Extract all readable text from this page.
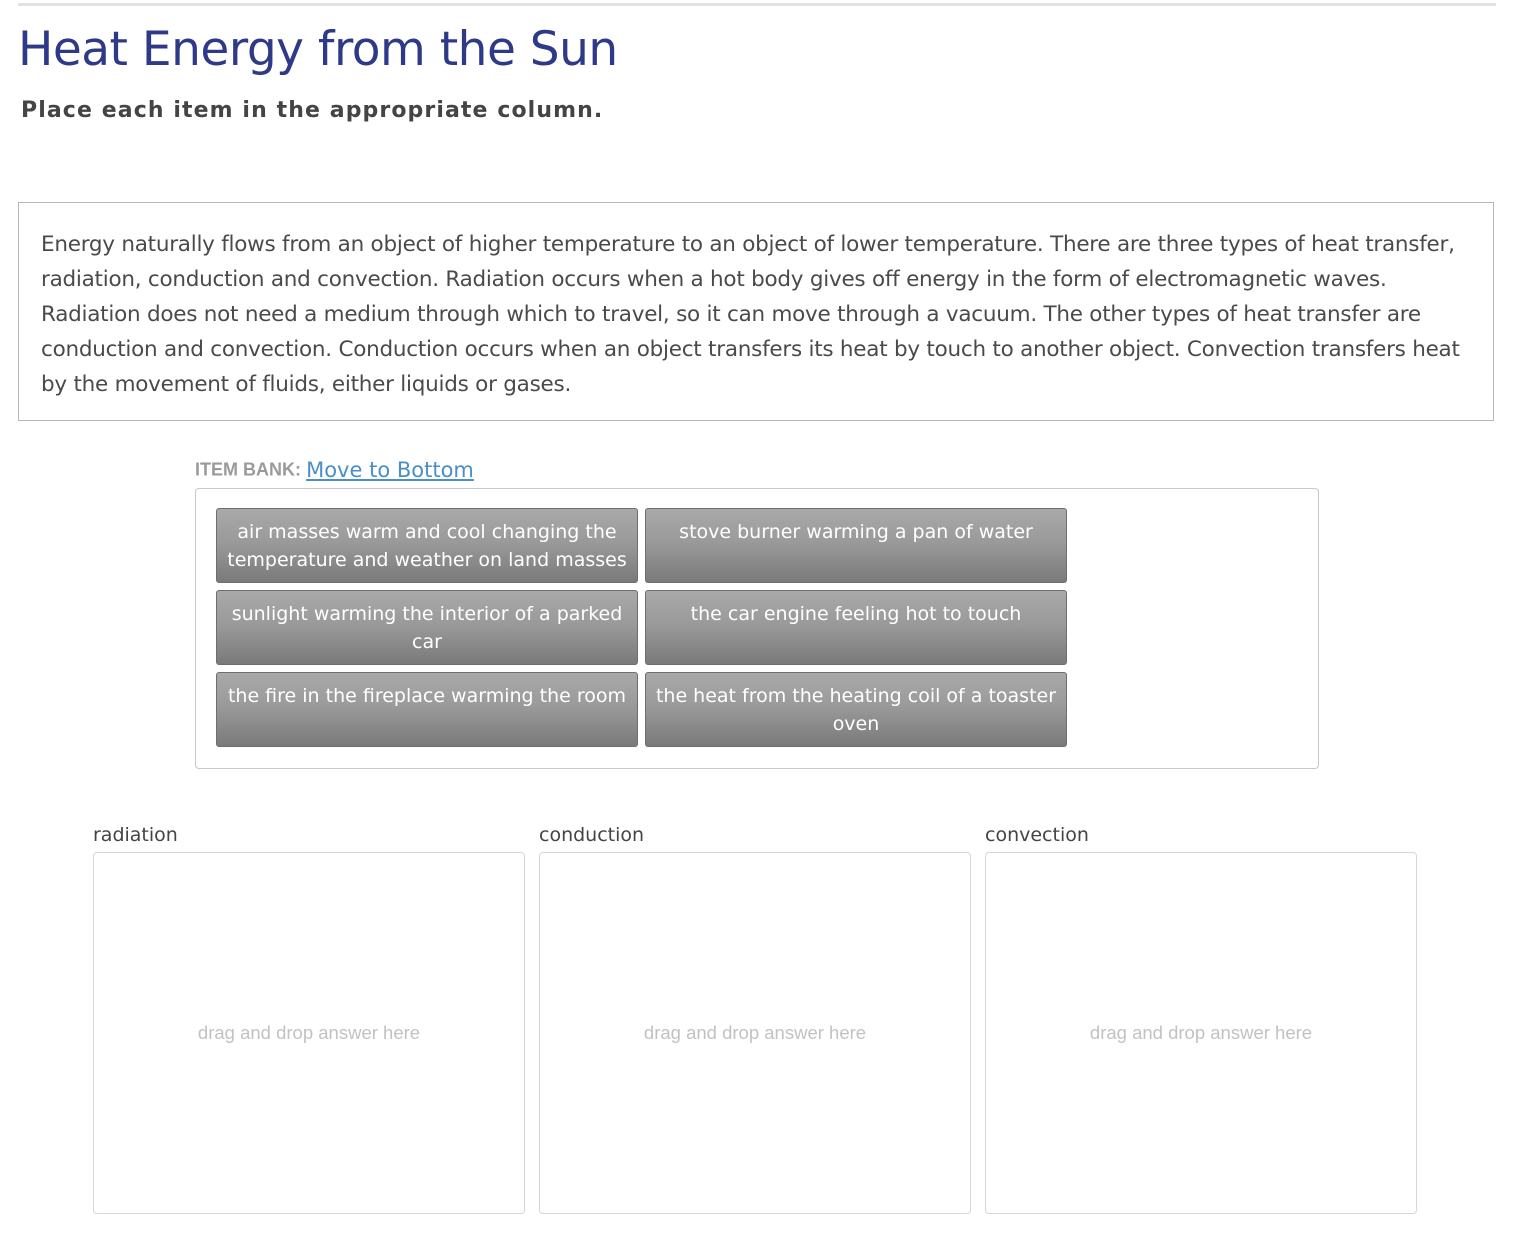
Heat Energy from the Sun

Place each item in the appropriate column.

Energy naturally flows from an object of higher temperature to an object of lower temperature. There are three types of heat transfer, radiation, conduction and convection. Radiation occurs when a hot body gives off energy in the form of electromagnetic waves. Radiation does not need a medium through which to travel, so it can move through a vacuum. The other types of heat transfer are conduction and convection. Conduction occurs when an object transfers its heat by touch to another object. Convection transfers heat by the movement of fluids, either liquids or gases.

ITEM BANK: Move to Bottom
air masses warm and cool changing the temperature and weather on land masses
stove burner warming a pan of water
sunlight warming the interior of a parked car
the car engine feeling hot to touch
the fire in the fireplace warming the room	the heat from the heating coil of a toaster oven
radiation
drag and drop answer here
conduction
drag and drop answer here
convection
drag and drop answer here
